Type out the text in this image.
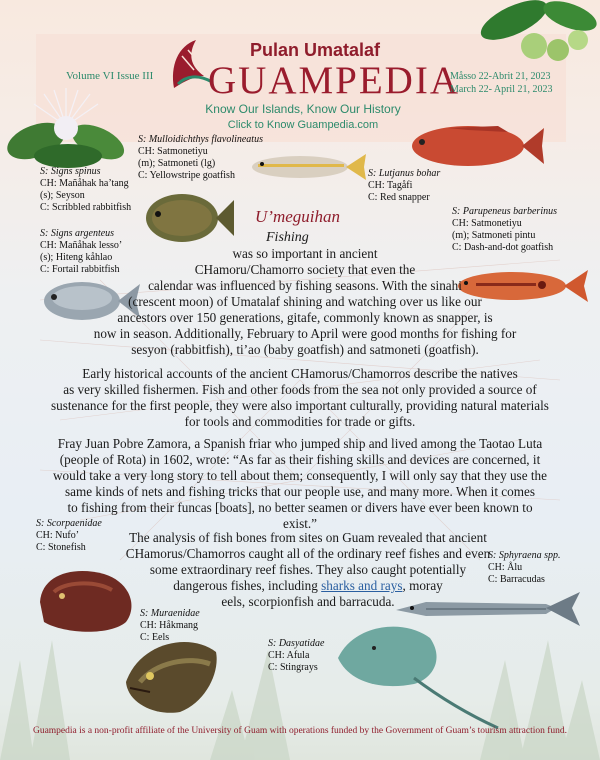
Volume VI Issue III
Pulan Umatalaf
GUAMPEDIA
Know Our Islands, Know Our History
Click to Know Guampedia.com
Måsso 22-Abrit 21, 2023
March 22- April 21, 2023
S: Signs spinus
CH: Mañåhak ha’tang
(s); Seyson
C: Scribbled rabbitfish
S: Mulloidichthys flavolineatus
CH: Satmonetiyu
(m); Satmoneti (lg)
C: Yellowstripe goatfish	S: Lutjanus bohar
CH: Tagåfi
C: Red snapper
S: Parupeneus barberinus
CH: Satmonetiyu
(m); Satmoneti pintu
C: Dash-and-dot goatfish
S: Signs argenteus
CH: Mañåhak lesso’
(s); Hiteng kåhlao
C: Fortail rabbitfish
S: Scorpaenidae
CH: Nufo’
C: Stonefish
S: Sphyraena spp.
CH: Ålu
C: Barracudas
S: Muraenidae
CH: Håkmang
C: Eels
S: Dasyatidae
CH: Afula
C: Stingrays
U’meguihan
Fishing

was so important in ancient

CHamoru/Chamorro society that even the

calendar was influenced by fishing seasons. With the sinahi

(crescent moon) of Umatalaf shining and watching over us like our

ancestors over 150 generations, gitafe, commonly known as snapper, is

now in season. Additionally, February to April were good months for fishing for

sesyon (rabbitfish), ti’ao (baby goatfish) and satmoneti (goatfish).

Early historical accounts of the ancient CHamorus/Chamorros describe the natives

as very skilled fishermen. Fish and other foods from the sea not only provided a source of

sustenance for the first people, they were also important culturally, providing natural materials

for tools and commodities for trade or gifts.

Fray Juan Pobre Zamora, a Spanish friar who jumped ship and lived among the Taotao Luta

(people of Rota) in 1602, wrote: “As far as their fishing skills and devices are concerned, it

would take a very long story to tell about them; consequently, I will only say that they use the

same kinds of nets and fishing tricks that our people use, and many more. When it comes

to fishing from their funcas [boats], no better seamen or divers have ever been known to

exist.”

The analysis of fish bones from sites on Guam revealed that ancient

CHamorus/Chamorros caught all of the ordinary reef fishes and even

some extraordinary reef fishes. They also caught potentially

dangerous fishes, including sharks and rays, moray

eels, scorpionfish and barracuda.

Guampedia is a non-profit affiliate of the University of Guam with operations funded by the Government of Guam’s tourism attraction fund.
